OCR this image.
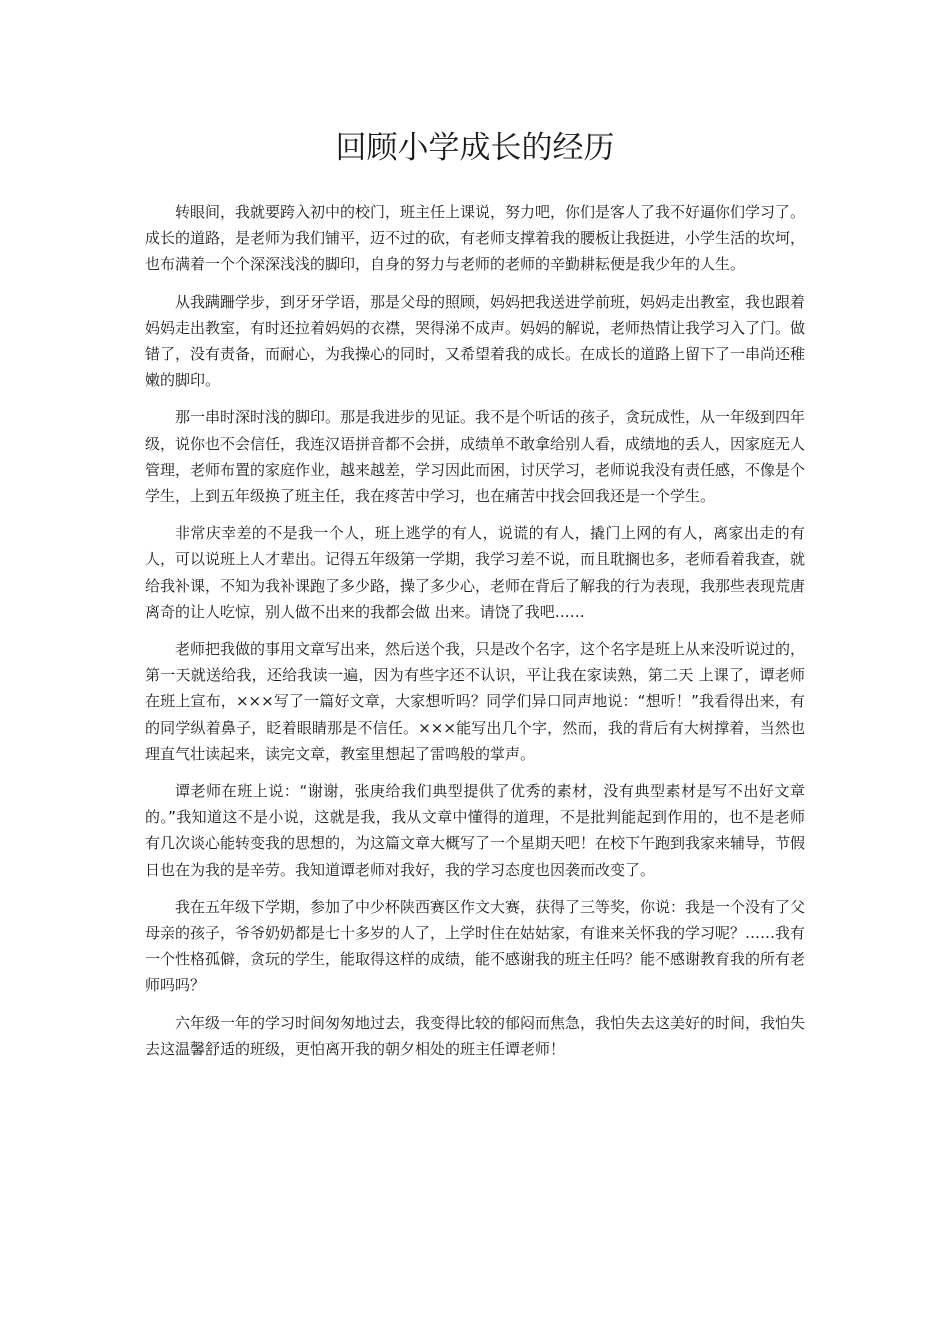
回顾小学成长的经历

转眼间，我就要跨入初中的校门，班主任上课说，努力吧，你们是客人了我不好逼你们学习了。成长的道路，是老师为我们铺平，迈不过的砍，有老师支撑着我的腰板让我挺进，小学生活的坎坷，也布满着一个个深深浅浅的脚印，自身的努力与老师的老师的辛勤耕耘便是我少年的人生。

从我蹒跚学步，到牙牙学语，那是父母的照顾，妈妈把我送进学前班，妈妈走出教室，我也跟着妈妈走出教室，有时还拉着妈妈的衣襟，哭得涕不成声。妈妈的解说，老师热情让我学习入了门。做错了，没有责备，而耐心，为我操心的同时，又希望着我的成长。在成长的道路上留下了一串尚还稚嫩的脚印。

那一串时深时浅的脚印。那是我进步的见证。我不是个听话的孩子，贪玩成性，从一年级到四年级，说你也不会信任，我连汉语拼音都不会拼，成绩单不敢拿给别人看，成绩地的丢人，因家庭无人管理，老师布置的家庭作业，越来越差，学习因此而困，讨厌学习，老师说我没有责任感，不像是个学生，上到五年级换了班主任，我在疼苦中学习，也在痛苦中找会回我还是一个学生。

非常庆幸差的不是我一个人，班上逃学的有人，说谎的有人，撬门上网的有人，离家出走的有人，可以说班上人才辈出。记得五年级第一学期，我学习差不说，而且耽搁也多，老师看着我查，就给我补课，不知为我补课跑了多少路，操了多少心，老师在背后了解我的行为表现，我那些表现荒唐离奇的让人吃惊，别人做不出来的我都会做 出来。请饶了我吧……

老师把我做的事用文章写出来，然后送个我，只是改个名字，这个名字是班上从来没听说过的，第一天就送给我，还给我读一遍，因为有些字还不认识，平让我在家读熟，第二天 上课了，谭老师在班上宣布，×××写了一篇好文章，大家想听吗？同学们异口同声地说：“想听！”我看得出来，有的同学纵着鼻子，眨着眼睛那是不信任。×××能写出几个字，然而，我的背后有大树撑着，当然也理直气壮读起来，读完文章，教室里想起了雷鸣般的掌声。

谭老师在班上说：“谢谢，张庚给我们典型提供了优秀的素材，没有典型素材是写不出好文章的。”我知道这不是小说，这就是我，我从文章中懂得的道理，不是批判能起到作用的，也不是老师有几次谈心能转变我的思想的，为这篇文章大概写了一个星期天吧！在校下午跑到我家来辅导，节假日也在为我的是辛劳。我知道谭老师对我好，我的学习态度也因袭而改变了。

我在五年级下学期，参加了中少杯陕西赛区作文大赛，获得了三等奖，你说：我是一个没有了父母亲的孩子，爷爷奶奶都是七十多岁的人了，上学时住在姑姑家，有谁来关怀我的学习呢？……我有一个性格孤僻，贪玩的学生，能取得这样的成绩，能不感谢我的班主任吗？能不感谢教育我的所有老师吗吗？

六年级一年的学习时间匆匆地过去，我变得比较的郁闷而焦急，我怕失去这美好的时间，我怕失去这温馨舒适的班级，更怕离开我的朝夕相处的班主任谭老师！
